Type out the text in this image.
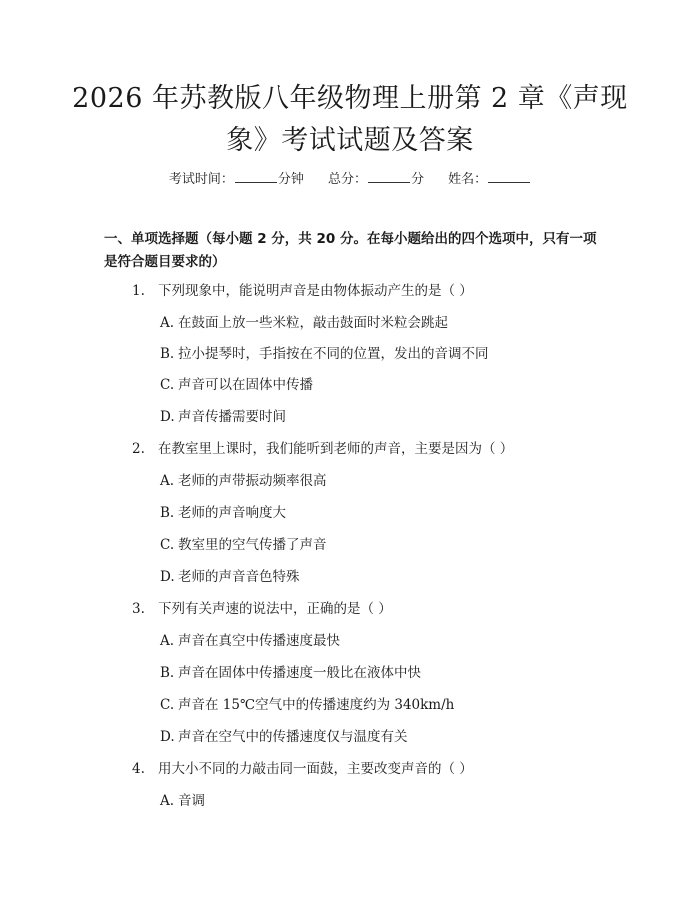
2026 年苏教版八年级物理上册第 2 章《声现象》考试试题及答案
考试时间：	分钟 总分：	分 姓名：
一、单项选择题（每小题 2 分，共 20 分。在每小题给出的四个选项中，只有一项是符合题目要求的）
1. 下列现象中，能说明声音是由物体振动产生的是（ ）
A. 在鼓面上放一些米粒，敲击鼓面时米粒会跳起
B. 拉小提琴时，手指按在不同的位置，发出的音调不同
C. 声音可以在固体中传播
D. 声音传播需要时间
2. 在教室里上课时，我们能听到老师的声音，主要是因为（ ）
A. 老师的声带振动频率很高
B. 老师的声音响度大
C. 教室里的空气传播了声音
D. 老师的声音音色特殊
3. 下列有关声速的说法中，正确的是（ ）
A. 声音在真空中传播速度最快
B. 声音在固体中传播速度一般比在液体中快
C. 声音在 15℃空气中的传播速度约为 340km/h
D. 声音在空气中的传播速度仅与温度有关
4. 用大小不同的力敲击同一面鼓，主要改变声音的（ ）
A. 音调
